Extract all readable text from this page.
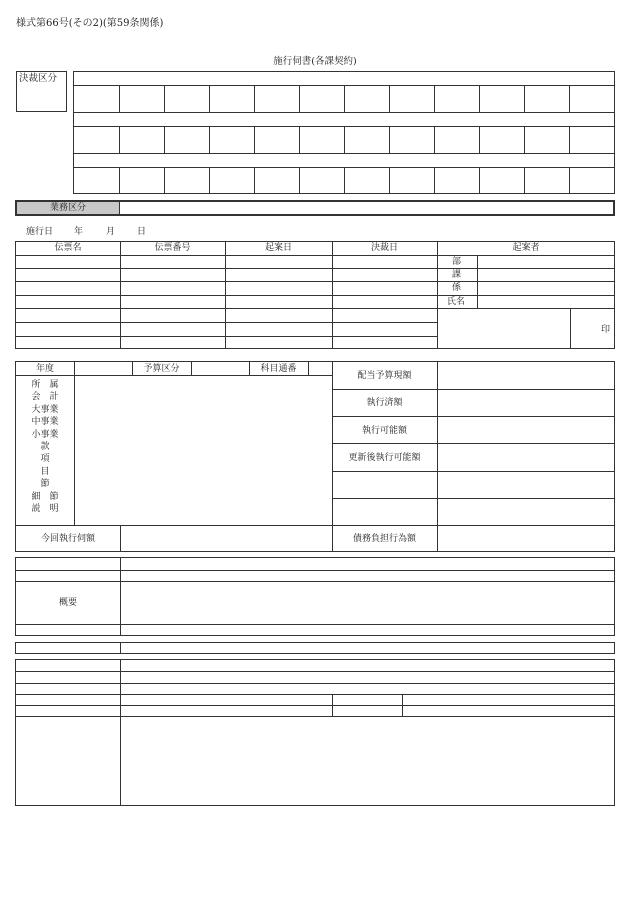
様式第66号(その2)(第59条関係)
施行伺書(各課契約)
決裁区分
業務区分
施行日 年	月 日
伝票名	伝票番号	起案日	決裁日	起案者
部
課
係
氏名
印
年度	予算区分	科目通番
所　属
会　計
大事業
中事業
小事業
款
項
目
節
細　節
説　明
配当予算現額
執行済額
執行可能額
更新後執行可能額
今回執行伺額	債務負担行為額
概要
